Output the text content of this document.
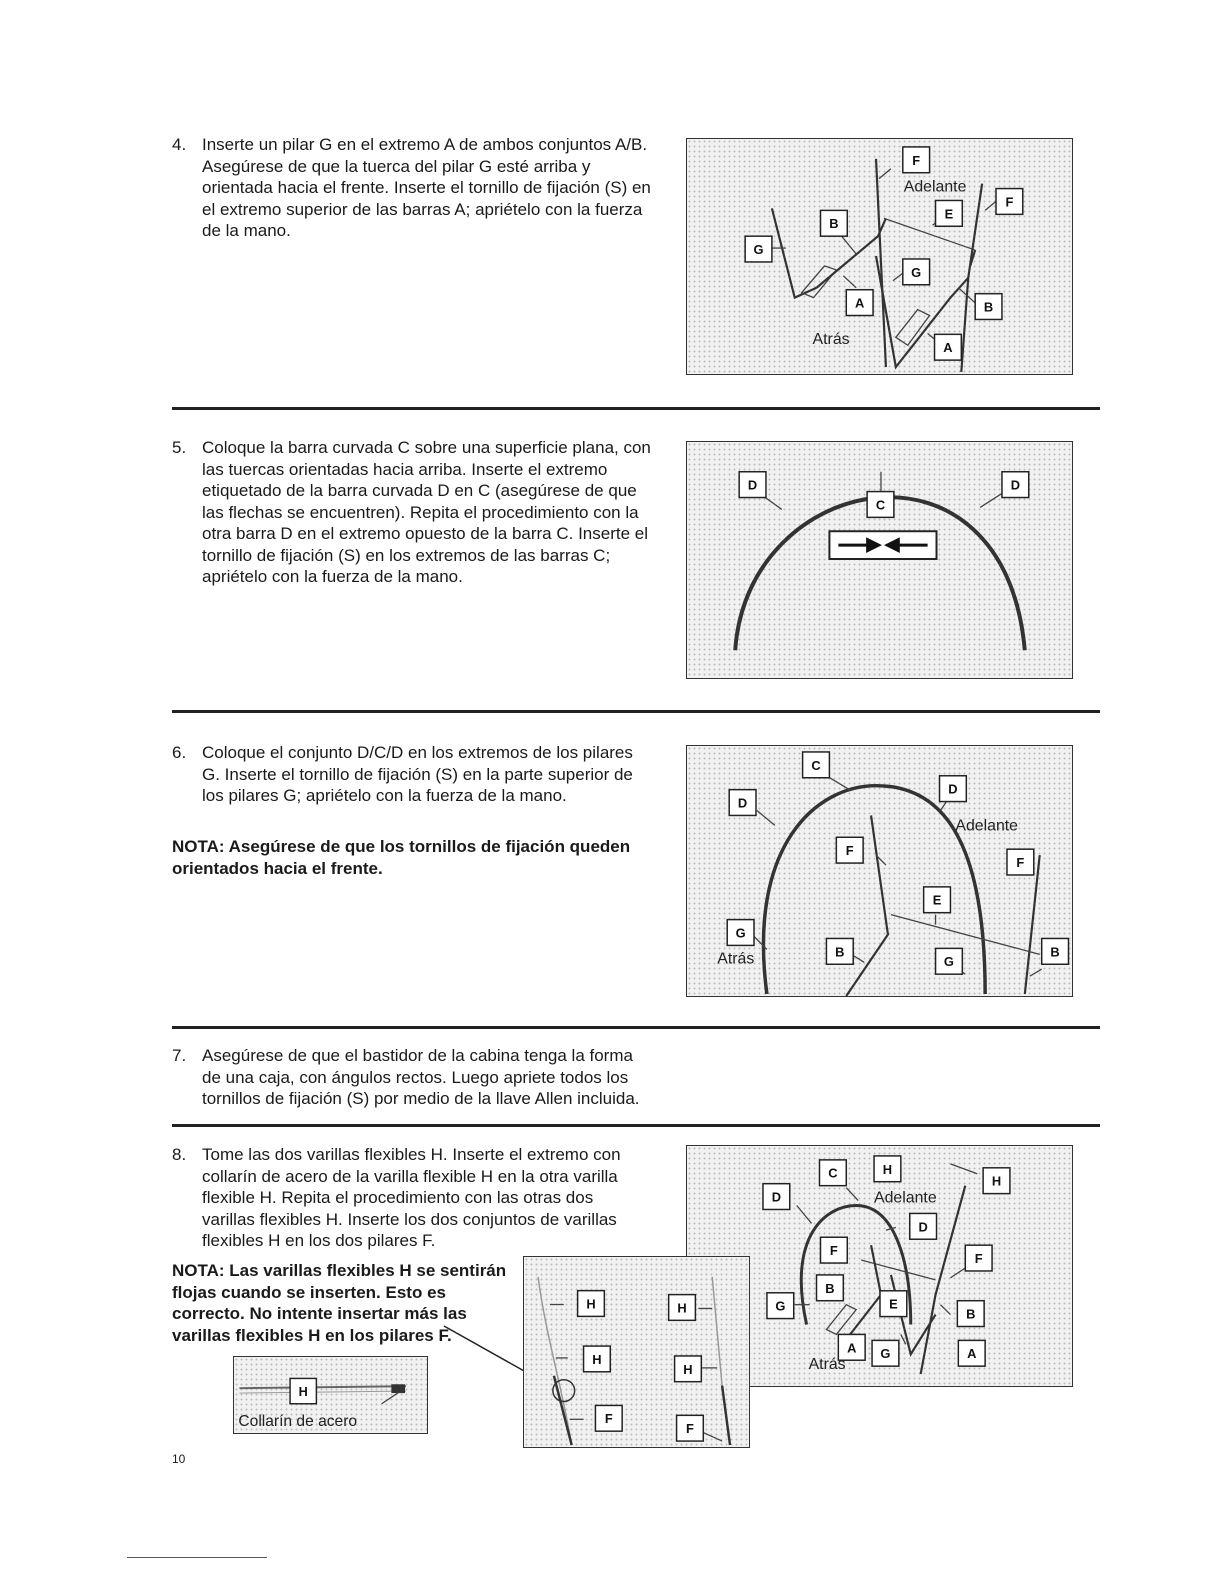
4. Inserte un pilar G en el extremo A de ambos conjuntos A/B. Asegúrese de que la tuerca del pilar G esté arriba y orientada hacia el frente. Inserte el tornillo de fijación (S) en el extremo superior de las barras A; apriételo con la fuerza de la mano.
F
F
E
B
G
G
A	B
A
Adelante
Atrás
5. Coloque la barra curvada C sobre una superficie plana, con las tuercas orientadas hacia arriba. Inserte el extremo etiquetado de la barra curvada D en C (asegúrese de que las flechas se encuentren). Repita el procedimiento con la otra barra D en el extremo opuesto de la barra C. Inserte el tornillo de fijación (S) en los extremos de las barras C; apriételo con la fuerza de la mano.
D	D
C
6. Coloque el conjunto D/C/D en los extremos de los pilares G. Inserte el tornillo de fijación (S) en la parte superior de los pilares G; apriételo con la fuerza de la mano.
NOTA: Asegúrese de que los tornillos de fijación queden orientados hacia el frente.
C
D
D
F
F
E
G
B
G
B
Adelante
Atrás
7. Asegúrese de que el bastidor de la cabina tenga la forma de una caja, con ángulos rectos. Luego apriete todos los tornillos de fijación (S) por medio de la llave Allen incluida.
8. Tome las dos varillas flexibles H. Inserte el extremo con collarín de acero de la varilla flexible H en la otra varilla flexible H. Repita el procedimiento con las otras dos varillas flexibles H. Inserte los dos conjuntos de varillas flexibles H en los dos pilares F.
NOTA: Las varillas flexibles H se sentirán flojas cuando se inserten. Esto es correcto. No intente insertar más las varillas flexibles H en los pilares F.
H
Collarín de acero
C	H
H
D
D
F
F
B
E
G
B
A G	A
Adelante
Atrás
H	H
H
H
F
F
10
